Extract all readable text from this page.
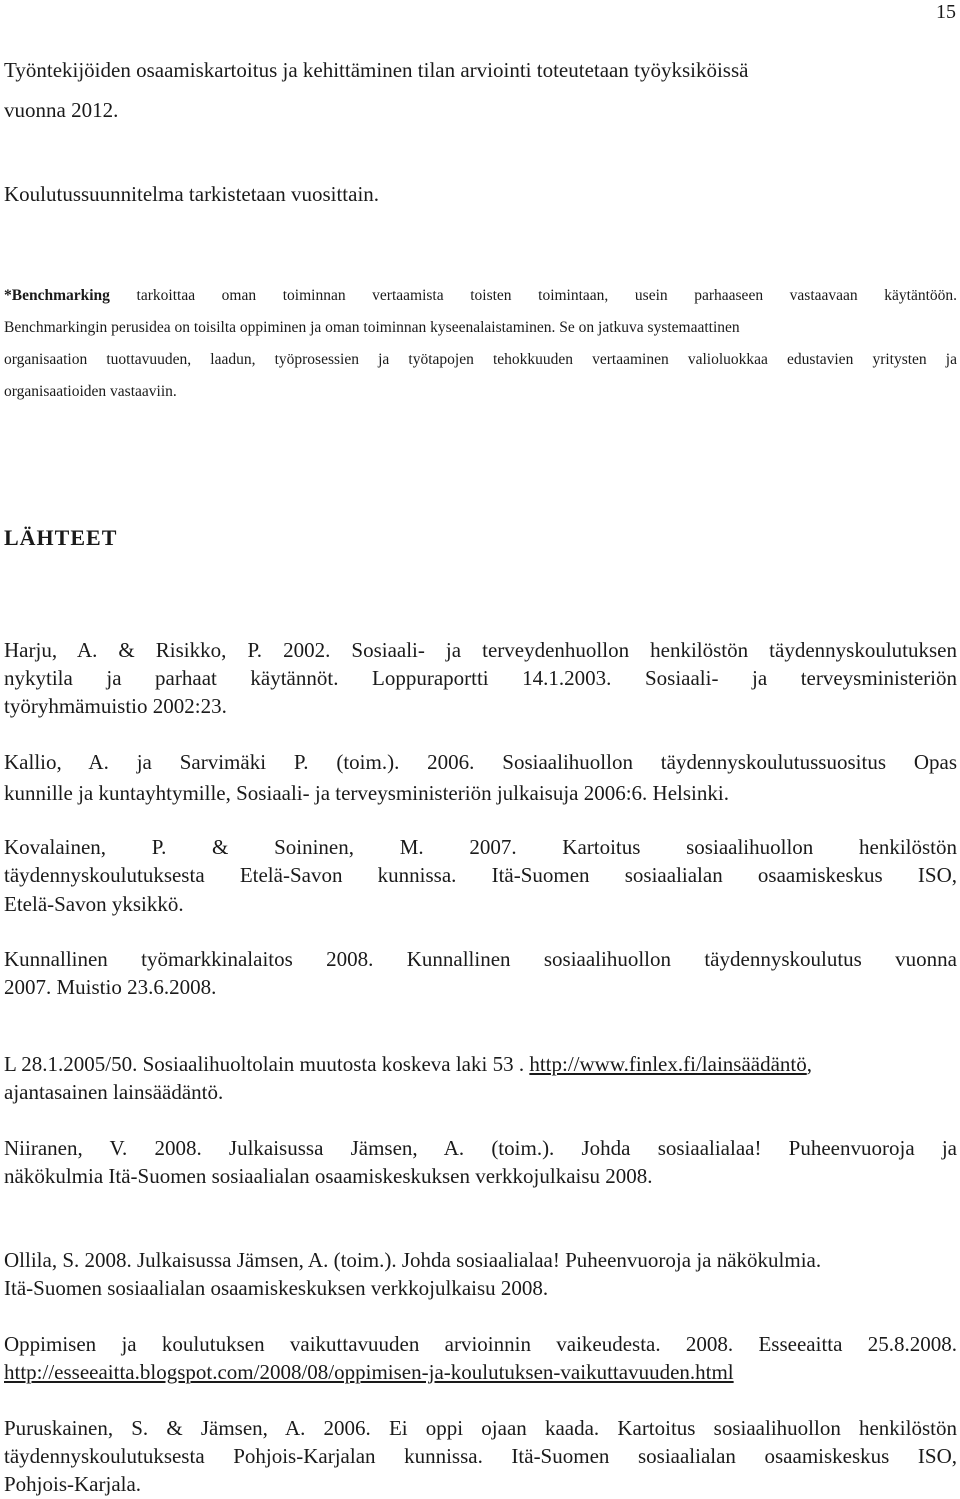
15
Työntekijöiden osaamiskartoitus ja kehittäminen tilan arviointi toteutetaan työyksiköissä
vuonna 2012.
Koulutussuunnitelma tarkistetaan vuosittain.
*Benchmarking tarkoittaa oman toiminnan vertaamista toisten toimintaan, usein parhaaseen vastaavaan käytäntöön.
Benchmarkingin perusidea on toisilta oppiminen ja oman toiminnan kyseenalaistaminen. Se on jatkuva systemaattinen
organisaation tuottavuuden, laadun, työprosessien ja työtapojen tehokkuuden vertaaminen valioluokkaa edustavien yritysten ja
organisaatioiden vastaaviin.
LÄHTEET
Harju, A. & Risikko, P. 2002. Sosiaali- ja terveydenhuollon henkilöstön täydennyskoulutuksen
nykytila ja parhaat käytännöt. Loppuraportti 14.1.2003. Sosiaali- ja terveysministeriön
työryhmämuistio 2002:23.
Kallio, A. ja Sarvimäki P. (toim.). 2006. Sosiaalihuollon täydennyskoulutussuositus Opas
kunnille ja kuntayhtymille, Sosiaali- ja terveysministeriön julkaisuja 2006:6. Helsinki.
Kovalainen, P. & Soininen, M. 2007. Kartoitus sosiaalihuollon henkilöstön
täydennyskoulutuksesta Etelä-Savon kunnissa. Itä-Suomen sosiaalialan osaamiskeskus ISO,
Etelä-Savon yksikkö.
Kunnallinen työmarkkinalaitos 2008. Kunnallinen sosiaalihuollon täydennyskoulutus vuonna
2007. Muistio 23.6.2008.
L 28.1.2005/50. Sosiaalihuoltolain muutosta koskeva laki 53 . http://www.finlex.fi/lainsäädäntö,
ajantasainen lainsäädäntö.
Niiranen, V. 2008. Julkaisussa Jämsen, A. (toim.). Johda sosiaalialaa! Puheenvuoroja ja
näkökulmia Itä-Suomen sosiaalialan osaamiskeskuksen verkkojulkaisu 2008.
Ollila, S. 2008. Julkaisussa Jämsen, A. (toim.). Johda sosiaalialaa! Puheenvuoroja ja näkökulmia.
Itä-Suomen sosiaalialan osaamiskeskuksen verkkojulkaisu 2008.
Oppimisen ja koulutuksen vaikuttavuuden arvioinnin vaikeudesta. 2008. Esseeaitta 25.8.2008.
http://esseeaitta.blogspot.com/2008/08/oppimisen-ja-koulutuksen-vaikuttavuuden.html
Puruskainen, S. & Jämsen, A. 2006. Ei oppi ojaan kaada. Kartoitus sosiaalihuollon henkilöstön
täydennyskoulutuksesta Pohjois-Karjalan kunnissa. Itä-Suomen sosiaalialan osaamiskeskus ISO,
Pohjois-Karjala.
